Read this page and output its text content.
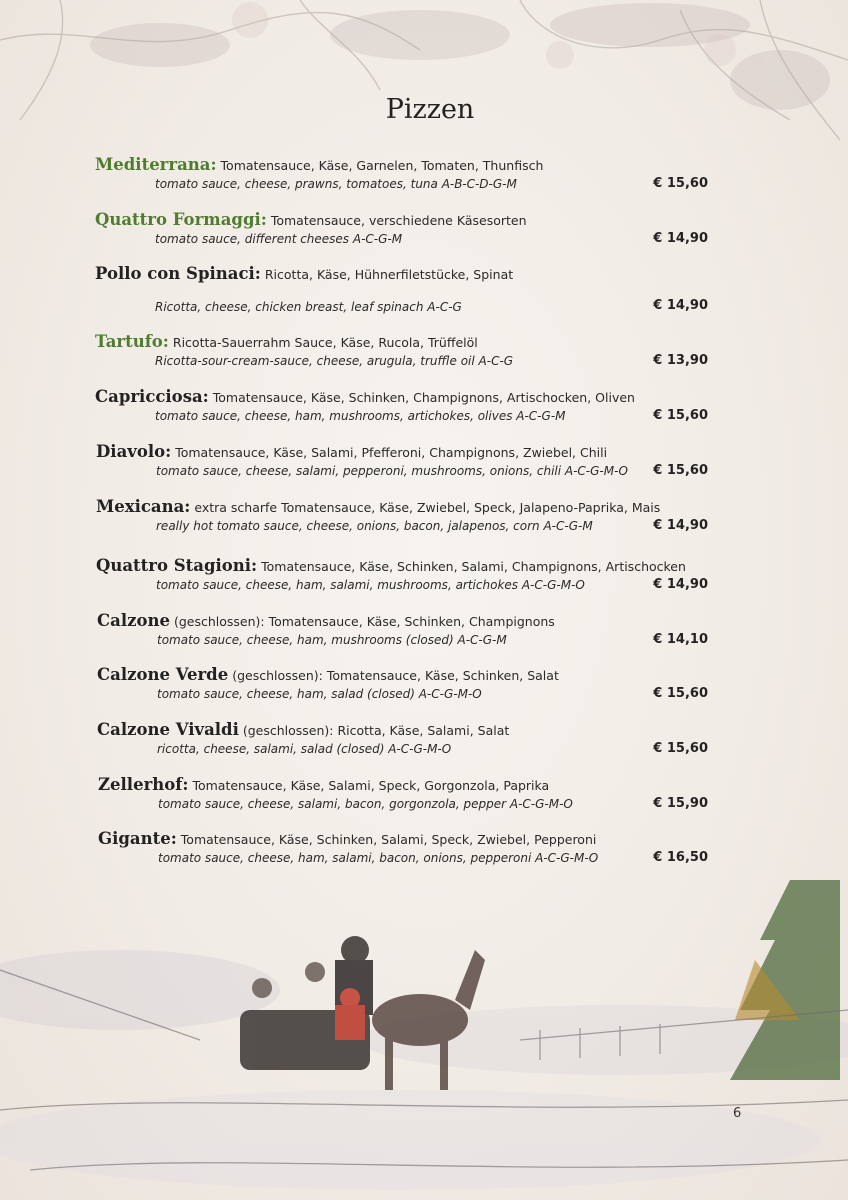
Pizzen
Mediterrana: Tomatensauce, Käse, Garnelen, Tomaten, Thunfisch
tomato sauce, cheese, prawns, tomatoes, tuna A-B-C-D-G-M	€ 15,60
Quattro Formaggi: Tomatensauce, verschiedene Käsesorten
tomato sauce, different cheeses A-C-G-M	€ 14,90
Pollo con Spinaci: Ricotta, Käse, Hühnerfiletstücke, Spinat
Ricotta, cheese, chicken breast, leaf spinach A-C-G	€ 14,90
Tartufo: Ricotta-Sauerrahm Sauce, Käse, Rucola, Trüffelöl
Ricotta-sour-cream-sauce, cheese, arugula, truffle oil A-C-G	€ 13,90
Capricciosa: Tomatensauce, Käse, Schinken, Champignons, Artischocken, Oliven
tomato sauce, cheese, ham, mushrooms, artichokes, olives A-C-G-M	€ 15,60
Diavolo: Tomatensauce, Käse, Salami, Pfefferoni, Champignons, Zwiebel, Chili
tomato sauce, cheese, salami, pepperoni, mushrooms, onions, chili A-C-G-M-O	€ 15,60
Mexicana: extra scharfe Tomatensauce, Käse, Zwiebel, Speck, Jalapeno-Paprika, Mais
really hot tomato sauce, cheese, onions, bacon, jalapenos, corn A-C-G-M	€ 14,90
Quattro Stagioni: Tomatensauce, Käse, Schinken, Salami, Champignons, Artischocken
tomato sauce, cheese, ham, salami, mushrooms, artichokes A-C-G-M-O	€ 14,90
Calzone (geschlossen): Tomatensauce, Käse, Schinken, Champignons
tomato sauce, cheese, ham, mushrooms (closed) A-C-G-M	€ 14,10
Calzone Verde (geschlossen): Tomatensauce, Käse, Schinken, Salat
tomato sauce, cheese, ham, salad (closed) A-C-G-M-O	€ 15,60
Calzone Vivaldi (geschlossen): Ricotta, Käse, Salami, Salat
ricotta, cheese, salami, salad (closed) A-C-G-M-O	€ 15,60
Zellerhof: Tomatensauce, Käse, Salami, Speck, Gorgonzola, Paprika
tomato sauce, cheese, salami, bacon, gorgonzola, pepper A-C-G-M-O	€ 15,90
Gigante: Tomatensauce, Käse, Schinken, Salami, Speck, Zwiebel, Pepperoni
tomato sauce, cheese, ham, salami, bacon, onions, pepperoni A-C-G-M-O	€ 16,50
6
